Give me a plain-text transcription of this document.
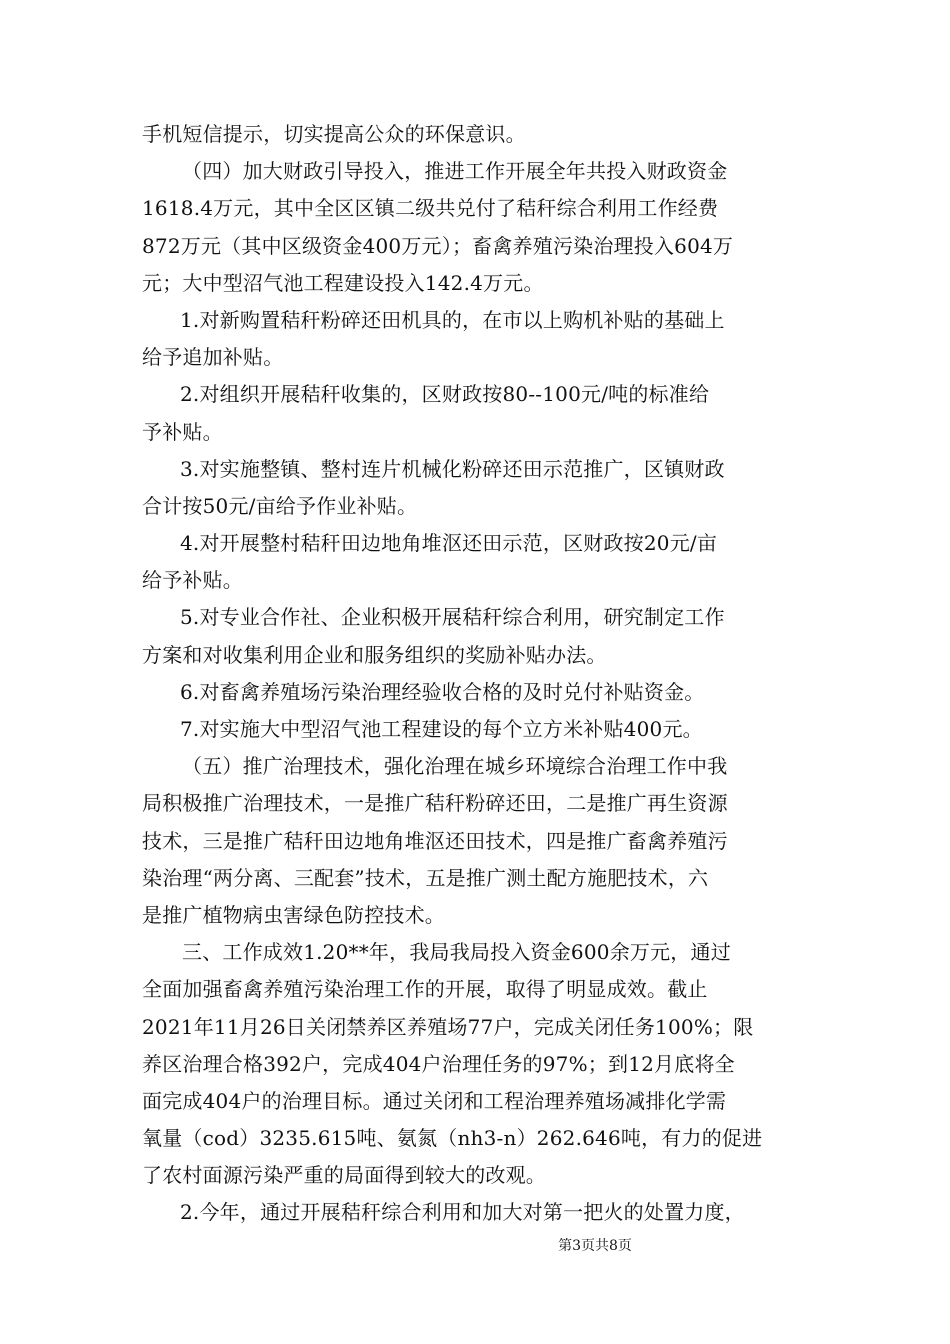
手机短信提示，切实提高公众的环保意识。
（四）加大财政引导投入，推进工作开展全年共投入财政资金
1618.4万元，其中全区区镇二级共兑付了秸秆综合利用工作经费
872万元（其中区级资金400万元）；畜禽养殖污染治理投入604万
元；大中型沼气池工程建设投入142.4万元。
1.对新购置秸秆粉碎还田机具的，在市以上购机补贴的基础上
给予追加补贴。
2.对组织开展秸秆收集的，区财政按80--100元/吨的标准给
予补贴。
3.对实施整镇、整村连片机械化粉碎还田示范推广，区镇财政
合计按50元/亩给予作业补贴。
4.对开展整村秸秆田边地角堆沤还田示范，区财政按20元/亩
给予补贴。
5.对专业合作社、企业积极开展秸秆综合利用，研究制定工作
方案和对收集利用企业和服务组织的奖励补贴办法。
6.对畜禽养殖场污染治理经验收合格的及时兑付补贴资金。
7.对实施大中型沼气池工程建设的每个立方米补贴400元。
（五）推广治理技术，强化治理在城乡环境综合治理工作中我
局积极推广治理技术，一是推广秸秆粉碎还田，二是推广再生资源
技术，三是推广秸秆田边地角堆沤还田技术，四是推广畜禽养殖污
染治理“两分离、三配套”技术，五是推广测土配方施肥技术，六
是推广植物病虫害绿色防控技术。
三、工作成效1.20**年，我局我局投入资金600余万元，通过
全面加强畜禽养殖污染治理工作的开展，取得了明显成效。截止
2021年11月26日关闭禁养区养殖场77户，完成关闭任务100%；限
养区治理合格392户，完成404户治理任务的97%；到12月底将全
面完成404户的治理目标。通过关闭和工程治理养殖场减排化学需
氧量（cod）3235.615吨、氨氮（nh3-n）262.646吨，有力的促进
了农村面源污染严重的局面得到较大的改观。
2.今年，通过开展秸秆综合利用和加大对第一把火的处置力度，
第3页共8页
